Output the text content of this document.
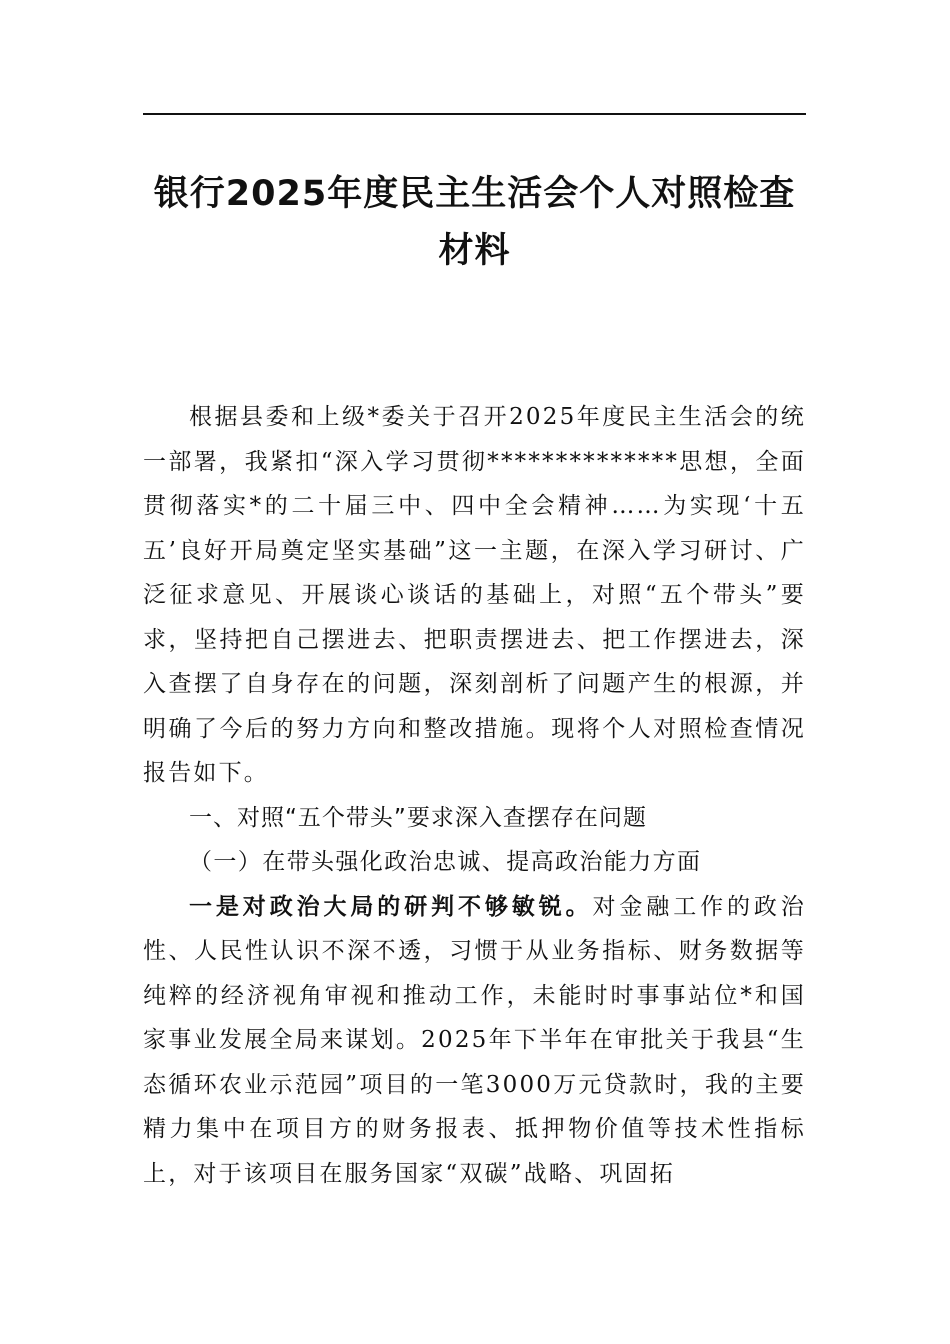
银行2025年度民主生活会个人对照检查材料

根据县委和上级*委关于召开2025年度民主生活会的统一部署，我紧扣“深入学习贯彻**************思想，全面贯彻落实*的二十届三中、四中全会精神……为实现‘十五五’良好开局奠定坚实基础”这一主题，在深入学习研讨、广泛征求意见、开展谈心谈话的基础上，对照“五个带头”要求，坚持把自己摆进去、把职责摆进去、把工作摆进去，深入查摆了自身存在的问题，深刻剖析了问题产生的根源，并明确了今后的努力方向和整改措施。现将个人对照检查情况报告如下。

一、对照“五个带头”要求深入查摆存在问题

（一）在带头强化政治忠诚、提高政治能力方面

一是对政治大局的研判不够敏锐。对金融工作的政治性、人民性认识不深不透，习惯于从业务指标、财务数据等纯粹的经济视角审视和推动工作，未能时时事事站位*和国家事业发展全局来谋划。2025年下半年在审批关于我县“生态循环农业示范园”项目的一笔3000万元贷款时，我的主要精力集中在项目方的财务报表、抵押物价值等技术性指标上，对于该项目在服务国家“双碳”战略、巩固拓
